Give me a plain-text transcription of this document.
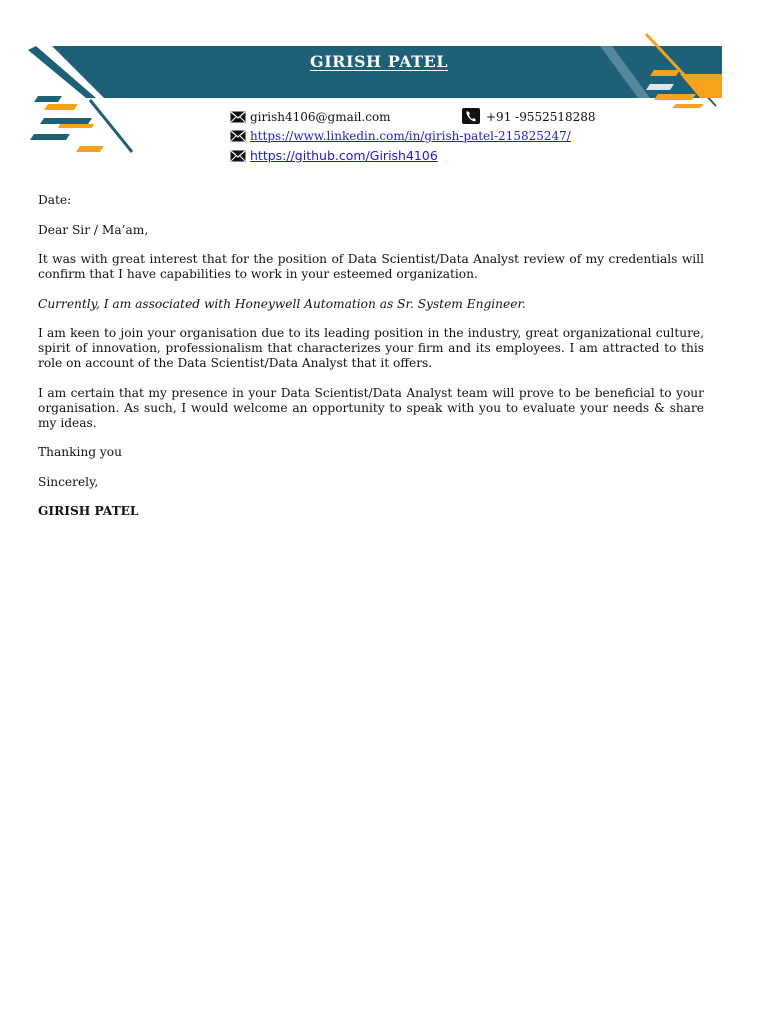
GIRISH PATEL
girish4106@gmail.com	+91 -9552518288
https://www.linkedin.com/in/girish-patel-215825247/
https://github.com/Girish4106

Date:

Dear Sir / Ma’am,

It was with great interest that for the position of Data Scientist/Data Analyst review of my credentials will confirm that I have capabilities to work in your esteemed organization.

Currently, I am associated with Honeywell Automation as Sr. System Engineer.

I am keen to join your organisation due to its leading position in the industry, great organizational culture, spirit of innovation, professionalism that characterizes your firm and its employees. I am attracted to this role on account of the Data Scientist/Data Analyst that it offers.

I am certain that my presence in your Data Scientist/Data Analyst team will prove to be beneficial to your organisation. As such, I would welcome an opportunity to speak with you to evaluate your needs & share my ideas.

Thanking you

Sincerely,

GIRISH PATEL
